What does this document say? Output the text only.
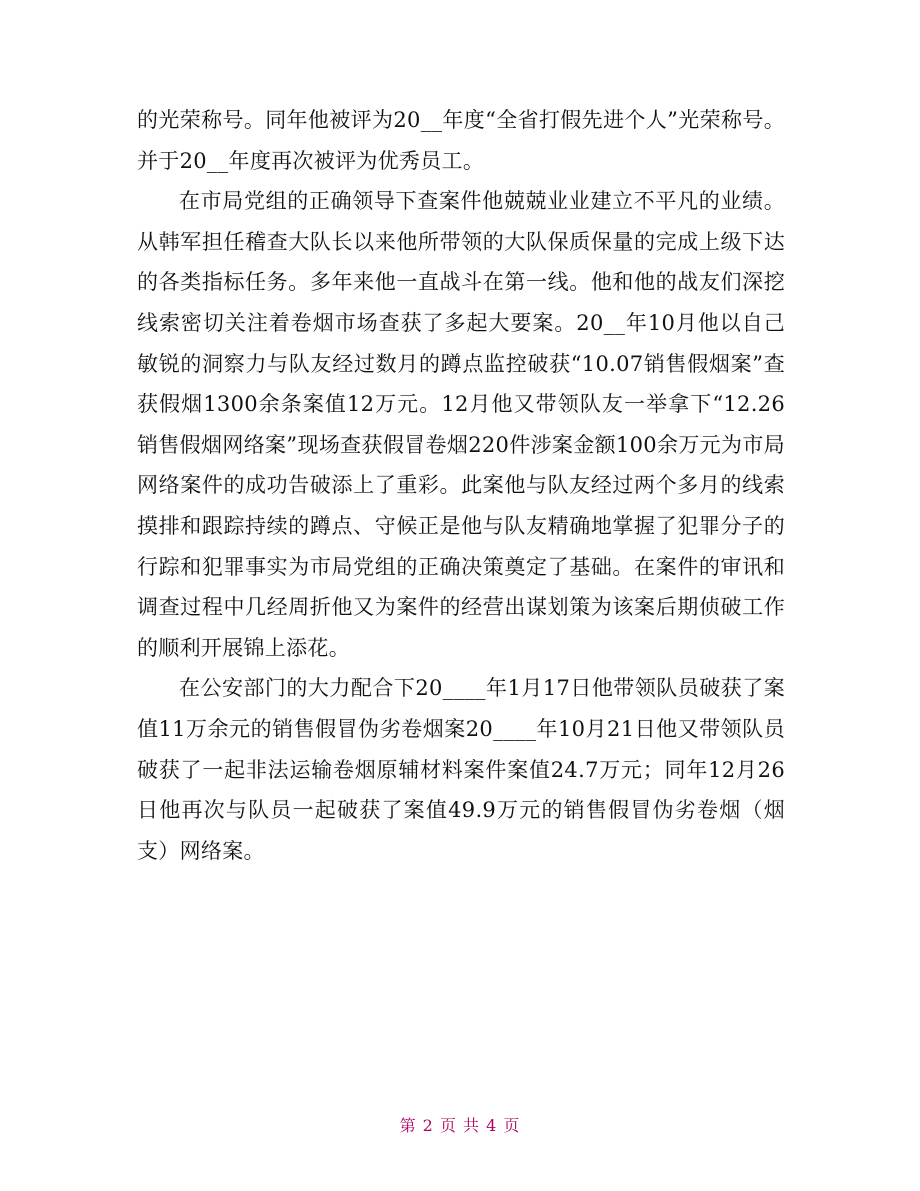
的光荣称号。同年他被评为20__年度“全省打假先进个人”光荣称号。并于20__年度再次被评为优秀员工。

在市局党组的正确领导下查案件他兢兢业业建立不平凡的业绩。从韩军担任稽查大队长以来他所带领的大队保质保量的完成上级下达的各类指标任务。多年来他一直战斗在第一线。他和他的战友们深挖线索密切关注着卷烟市场查获了多起大要案。20__年10月他以自己敏锐的洞察力与队友经过数月的蹲点监控破获“10.07销售假烟案”查获假烟1300余条案值12万元。12月他又带领队友一举拿下“12.26销售假烟网络案”现场查获假冒卷烟220件涉案金额100余万元为市局网络案件的成功告破添上了重彩。此案他与队友经过两个多月的线索摸排和跟踪持续的蹲点、守候正是他与队友精确地掌握了犯罪分子的行踪和犯罪事实为市局党组的正确决策奠定了基础。在案件的审讯和调查过程中几经周折他又为案件的经营出谋划策为该案后期侦破工作的顺利开展锦上添花。

在公安部门的大力配合下20____年1月17日他带领队员破获了案值11万余元的销售假冒伪劣卷烟案20____年10月21日他又带领队员破获了一起非法运输卷烟原辅材料案件案值24.7万元；同年12月26日他再次与队员一起破获了案值49.9万元的销售假冒伪劣卷烟（烟支）网络案。

第 2 页 共 4 页
